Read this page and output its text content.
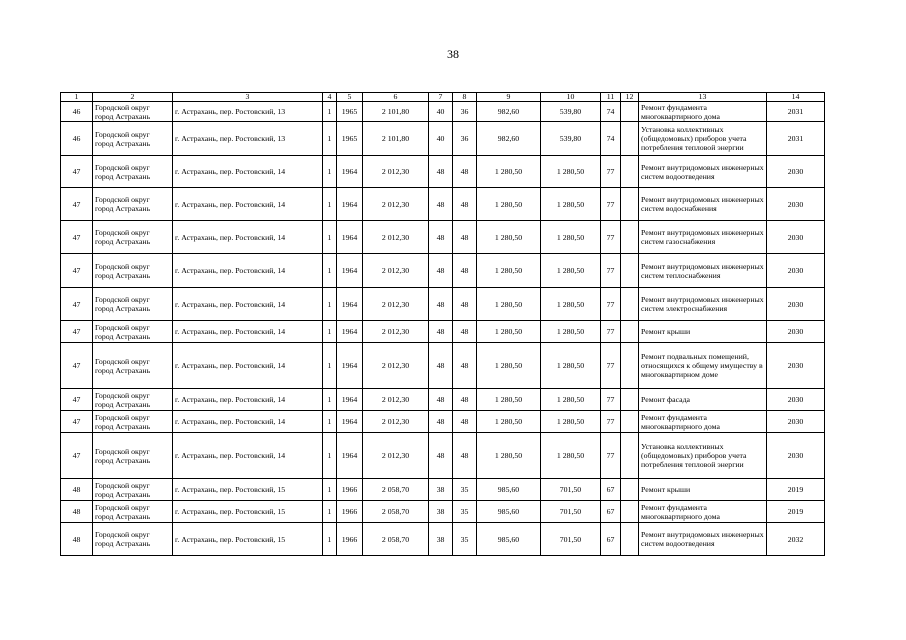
38
1	2	3	4	5	6	7	8	9	10	11	12	13	14
46	Городской округ город Астрахань	г. Астрахань, пер. Ростовский, 13	1	1965	2 101,80	40	36	982,60	539,80	74		Ремонт фундамента многоквартирного дома	2031
46	Городской округ город Астрахань	г. Астрахань, пер. Ростовский, 13	1	1965	2 101,80	40	36	982,60	539,80	74		Установка коллективных (общедомовых) приборов учета потребления тепловой энергии	2031
47	Городской округ город Астрахань	г. Астрахань, пер. Ростовский, 14	1	1964	2 012,30	48	48	1 280,50	1 280,50	77		Ремонт внутридомовых инженерных систем водоотведения	2030
47	Городской округ город Астрахань	г. Астрахань, пер. Ростовский, 14	1	1964	2 012,30	48	48	1 280,50	1 280,50	77		Ремонт внутридомовых инженерных систем водоснабжения	2030
47	Городской округ город Астрахань	г. Астрахань, пер. Ростовский, 14	1	1964	2 012,30	48	48	1 280,50	1 280,50	77		Ремонт внутридомовых инженерных систем газоснабжения	2030
47	Городской округ город Астрахань	г. Астрахань, пер. Ростовский, 14	1	1964	2 012,30	48	48	1 280,50	1 280,50	77		Ремонт внутридомовых инженерных систем теплоснабжения	2030
47	Городской округ город Астрахань	г. Астрахань, пер. Ростовский, 14	1	1964	2 012,30	48	48	1 280,50	1 280,50	77		Ремонт внутридомовых инженерных систем электроснабжения	2030
47	Городской округ город Астрахань	г. Астрахань, пер. Ростовский, 14	1	1964	2 012,30	48	48	1 280,50	1 280,50	77		Ремонт крыши	2030
47	Городской округ город Астрахань	г. Астрахань, пер. Ростовский, 14	1	1964	2 012,30	48	48	1 280,50	1 280,50	77		Ремонт подвальных помещений, относящихся к общему имуществу в многоквартирном доме	2030
47	Городской округ город Астрахань	г. Астрахань, пер. Ростовский, 14	1	1964	2 012,30	48	48	1 280,50	1 280,50	77		Ремонт фасада	2030
47	Городской округ город Астрахань	г. Астрахань, пер. Ростовский, 14	1	1964	2 012,30	48	48	1 280,50	1 280,50	77		Ремонт фундамента многоквартирного дома	2030
47	Городской округ город Астрахань	г. Астрахань, пер. Ростовский, 14	1	1964	2 012,30	48	48	1 280,50	1 280,50	77		Установка коллективных (общедомовых) приборов учета потребления тепловой энергии	2030
48	Городской округ город Астрахань	г. Астрахань, пер. Ростовский, 15	1	1966	2 058,70	38	35	985,60	701,50	67		Ремонт крыши	2019
48	Городской округ город Астрахань	г. Астрахань, пер. Ростовский, 15	1	1966	2 058,70	38	35	985,60	701,50	67		Ремонт фундамента многоквартирного дома	2019
48	Городской округ город Астрахань	г. Астрахань, пер. Ростовский, 15	1	1966	2 058,70	38	35	985,60	701,50	67		Ремонт внутридомовых инженерных систем водоотведения	2032
